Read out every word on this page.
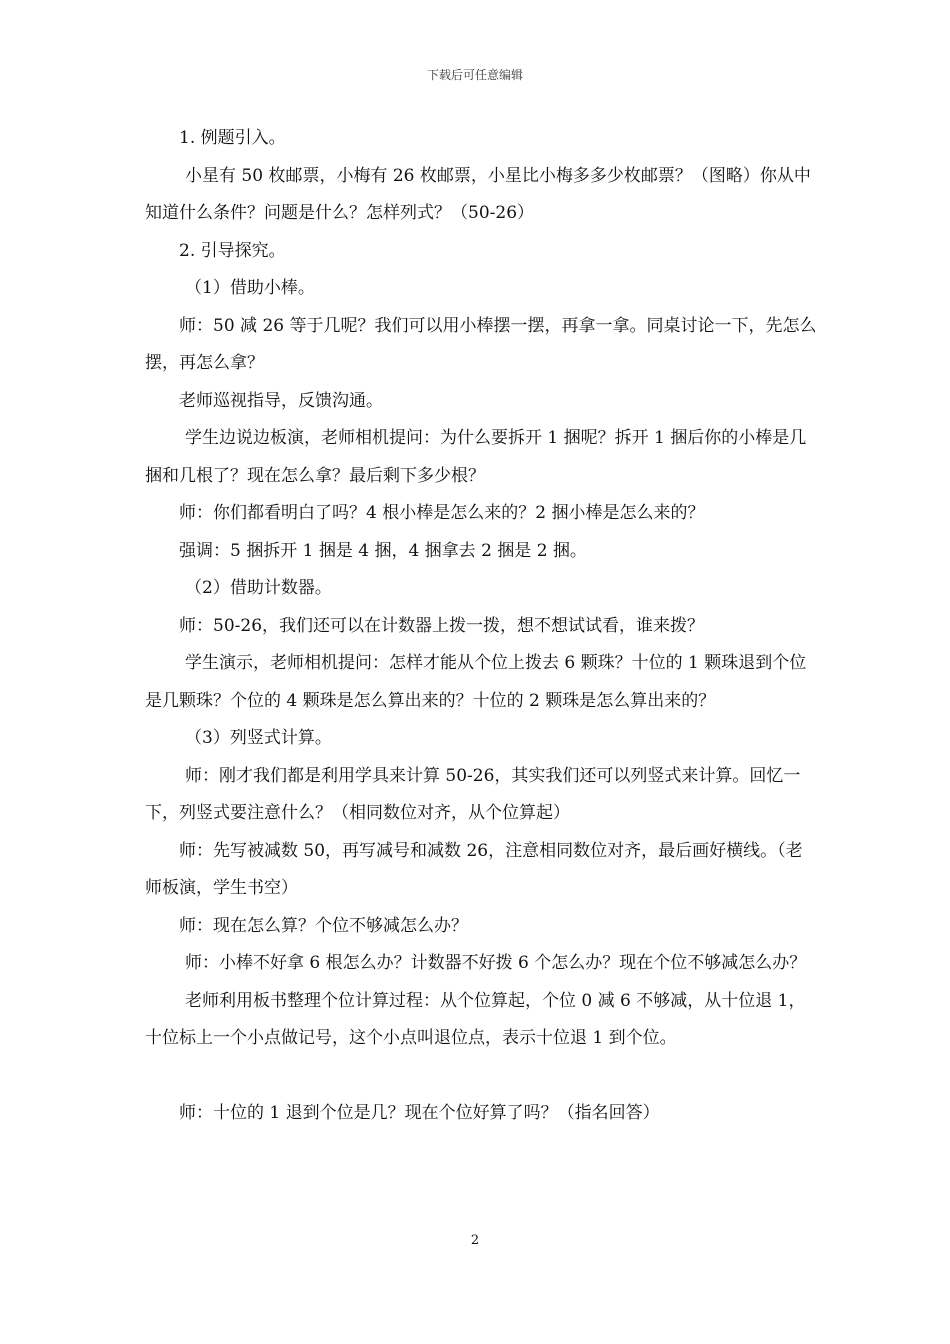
下载后可任意编辑

1. 例题引入。

小星有 50 枚邮票，小梅有 26 枚邮票，小星比小梅多多少枚邮票？（图略）你从中知道什么条件？问题是什么？怎样列式？（50-26）

2. 引导探究。

（1）借助小棒。

师：50 减 26 等于几呢？我们可以用小棒摆一摆，再拿一拿。同桌讨论一下，先怎么摆，再怎么拿？

老师巡视指导，反馈沟通。

学生边说边板演，老师相机提问：为什么要拆开 1 捆呢？拆开 1 捆后你的小棒是几捆和几根了？现在怎么拿？最后剩下多少根？

师：你们都看明白了吗？4 根小棒是怎么来的？2 捆小棒是怎么来的？

强调：5 捆拆开 1 捆是 4 捆，4 捆拿去 2 捆是 2 捆。

（2）借助计数器。

师：50-26，我们还可以在计数器上拨一拨，想不想试试看，谁来拨？

学生演示，老师相机提问：怎样才能从个位上拨去 6 颗珠？十位的 1 颗珠退到个位是几颗珠？个位的 4 颗珠是怎么算出来的？十位的 2 颗珠是怎么算出来的？

（3）列竖式计算。

师：刚才我们都是利用学具来计算 50-26，其实我们还可以列竖式来计算。回忆一下，列竖式要注意什么？（相同数位对齐，从个位算起）

师：先写被减数 50，再写减号和减数 26，注意相同数位对齐，最后画好横线。（老师板演，学生书空）

师：现在怎么算？个位不够减怎么办？

师：小棒不好拿 6 根怎么办？计数器不好拨 6 个怎么办？现在个位不够减怎么办？

老师利用板书整理个位计算过程：从个位算起，个位 0 减 6 不够减，从十位退 1，十位标上一个小点做记号，这个小点叫退位点，表示十位退 1 到个位。

师：十位的 1 退到个位是几？现在个位好算了吗？（指名回答）

2
